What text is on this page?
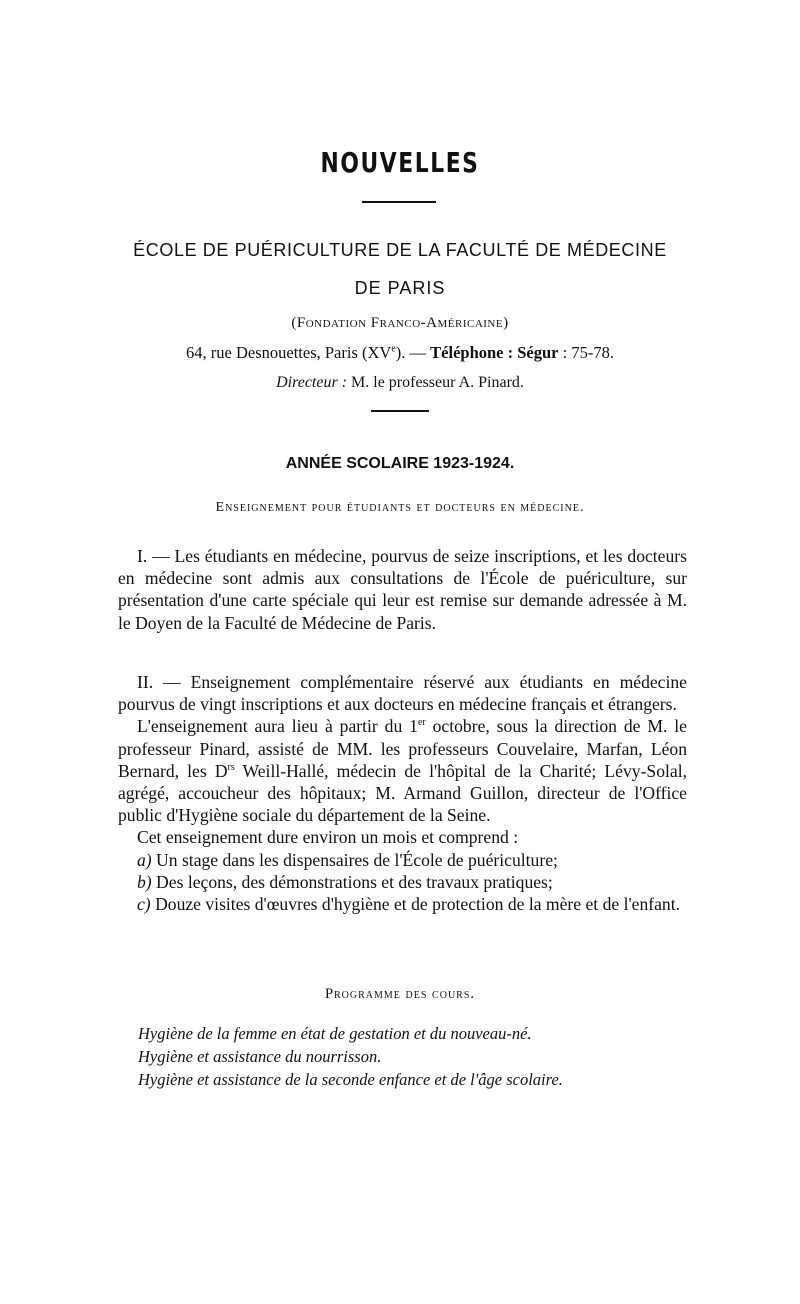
NOUVELLES
ÉCOLE DE PUÉRICULTURE DE LA FACULTÉ DE MÉDECINE
DE PARIS
(Fondation Franco-Américaine)
64, rue Desnouettes, Paris (XVe). — Téléphone : Ségur : 75-78.
Directeur : M. le professeur A. Pinard.
ANNÉE SCOLAIRE 1923-1924.
Enseignement pour étudiants et docteurs en médecine.

I. — Les étudiants en médecine, pourvus de seize inscriptions, et les docteurs en médecine sont admis aux consultations de l'École de puériculture, sur présentation d'une carte spéciale qui leur est remise sur demande adressée à M. le Doyen de la Faculté de Médecine de Paris.

II. — Enseignement complémentaire réservé aux étudiants en médecine pourvus de vingt inscriptions et aux docteurs en médecine français et étrangers.

L'enseignement aura lieu à partir du 1er octobre, sous la direction de M. le professeur Pinard, assisté de MM. les professeurs Couvelaire, Marfan, Léon Bernard, les $D^{rs}$ Weill-Hallé, médecin de l'hôpital de la Charité; Lévy-Solal, agrégé, accoucheur des hôpitaux; M. Armand Guillon, directeur de l'Office public d'Hygiène sociale du département de la Seine.

Cet enseignement dure environ un mois et comprend :

a) Un stage dans les dispensaires de l'École de puériculture;

b) Des leçons, des démonstrations et des travaux pratiques;

c) Douze visites d'œuvres d'hygiène et de protection de la mère et de l'enfant.

Programme des cours.
Hygiène de la femme en état de gestation et du nouveau-né.
Hygiène et assistance du nourrisson.
Hygiène et assistance de la seconde enfance et de l'âge scolaire.
